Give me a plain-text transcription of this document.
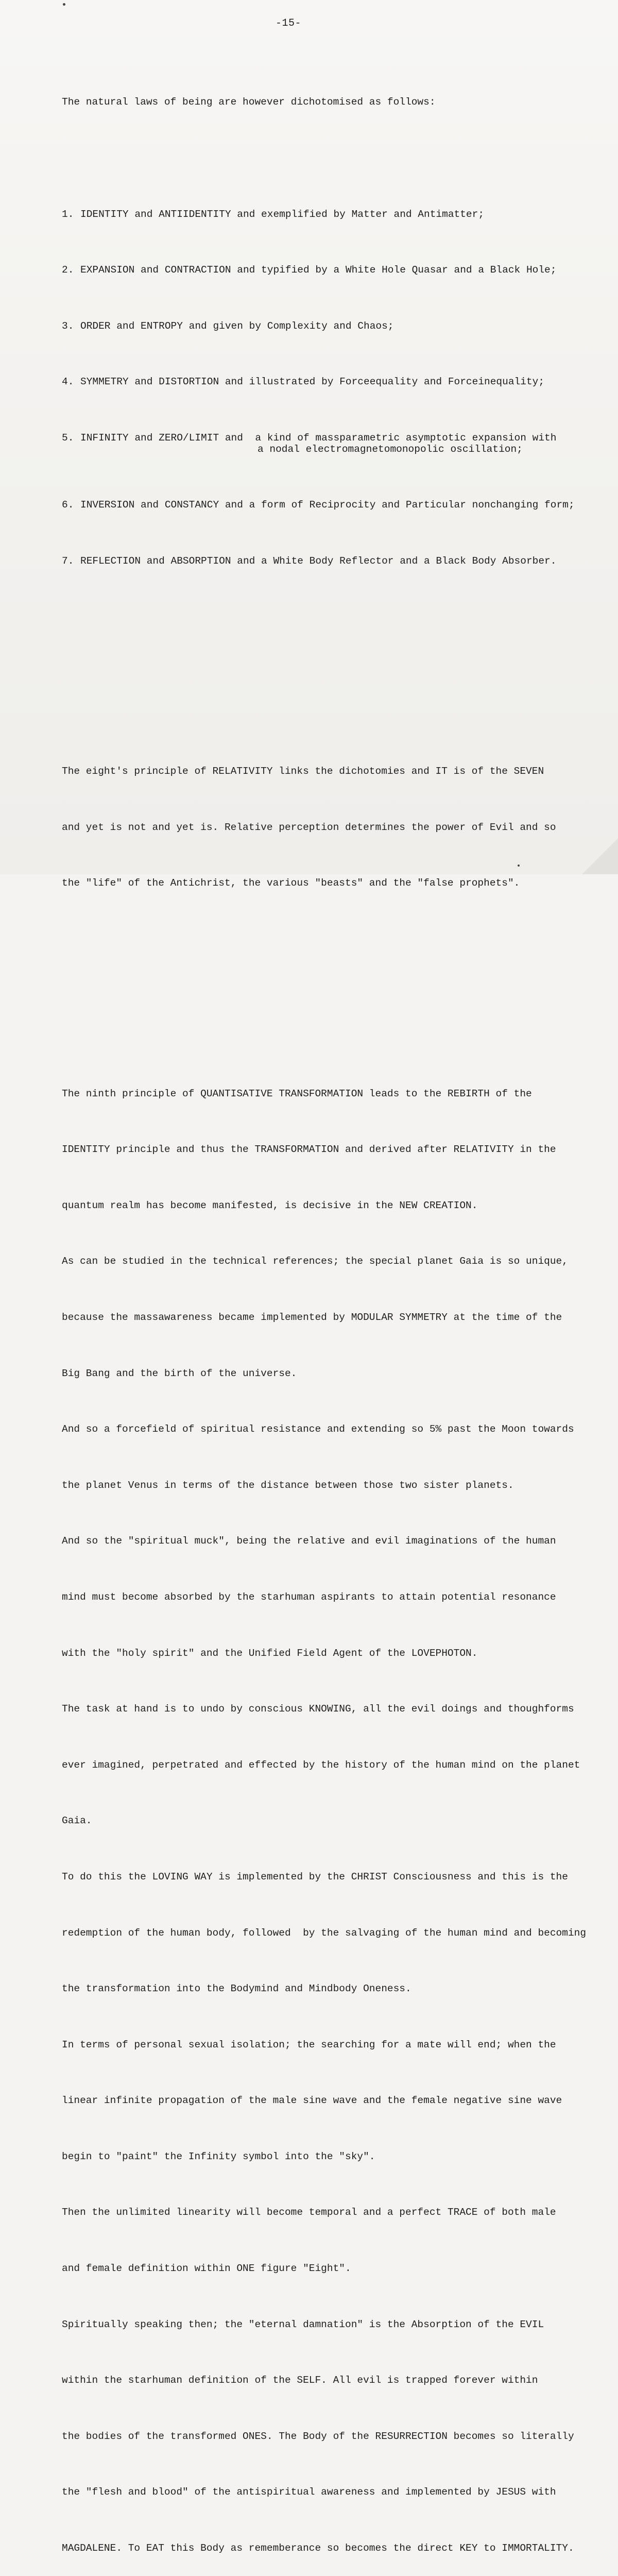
-15-

The natural laws of being are however dichotomised as follows:

1. IDENTITY and ANTIIDENTITY and exemplified by Matter and Antimatter;

2. EXPANSION and CONTRACTION and typified by a White Hole Quasar and a Black Hole;

3. ORDER and ENTROPY and given by Complexity and Chaos;

4. SYMMETRY and DISTORTION and illustrated by Forceequality and Forceinequality;

5. INFINITY and ZERO/LIMIT and  a kind of massparametric asymptotic expansion with
a nodal electromagnetomonopolic oscillation;

6. INVERSION and CONSTANCY and a form of Reciprocity and Particular nonchanging form;

7. REFLECTION and ABSORPTION and a White Body Reflector and a Black Body Absorber.

The eight's principle of RELATIVITY links the dichotomies and IT is of the SEVEN

and yet is not and yet is. Relative perception determines the power of Evil and so

the "life" of the Antichrist, the various "beasts" and the "false prophets".

The ninth principle of QUANTISATIVE TRANSFORMATION leads to the REBIRTH of the

IDENTITY principle and thus the TRANSFORMATION and derived after RELATIVITY in the

quantum realm has become manifested, is decisive in the NEW CREATION.

As can be studied in the technical references; the special planet Gaia is so unique,

because the massawareness became implemented by MODULAR SYMMETRY at the time of the

Big Bang and the birth of the universe.

And so a forcefield of spiritual resistance and extending so 5% past the Moon towards

the planet Venus in terms of the distance between those two sister planets.

And so the "spiritual muck", being the relative and evil imaginations of the human

mind must become absorbed by the starhuman aspirants to attain potential resonance

with the "holy spirit" and the Unified Field Agent of the LOVEPHOTON.

The task at hand is to undo by conscious KNOWING, all the evil doings and thoughforms

ever imagined, perpetrated and effected by the history of the human mind on the planet

Gaia.

To do this the LOVING WAY is implemented by the CHRIST Consciousness and this is the

redemption of the human body, followed  by the salvaging of the human mind and becoming

the transformation into the Bodymind and Mindbody Oneness.

In terms of personal sexual isolation; the searching for a mate will end; when the

linear infinite propagation of the male sine wave and the female negative sine wave

begin to "paint" the Infinity symbol into the "sky".

Then the unlimited linearity will become temporal and a perfect TRACE of both male

and female definition within ONE figure "Eight".

Spiritually speaking then; the "eternal damnation" is the Absorption of the EVIL

within the starhuman definition of the SELF. All evil is trapped forever within

the bodies of the transformed ONES. The Body of the RESURRECTION becomes so literally

the "flesh and blood" of the antispiritual awareness and implemented by JESUS with

MAGDALENE. To EAT this Body as rememberance so becomes the direct KEY to IMMORTALITY.
